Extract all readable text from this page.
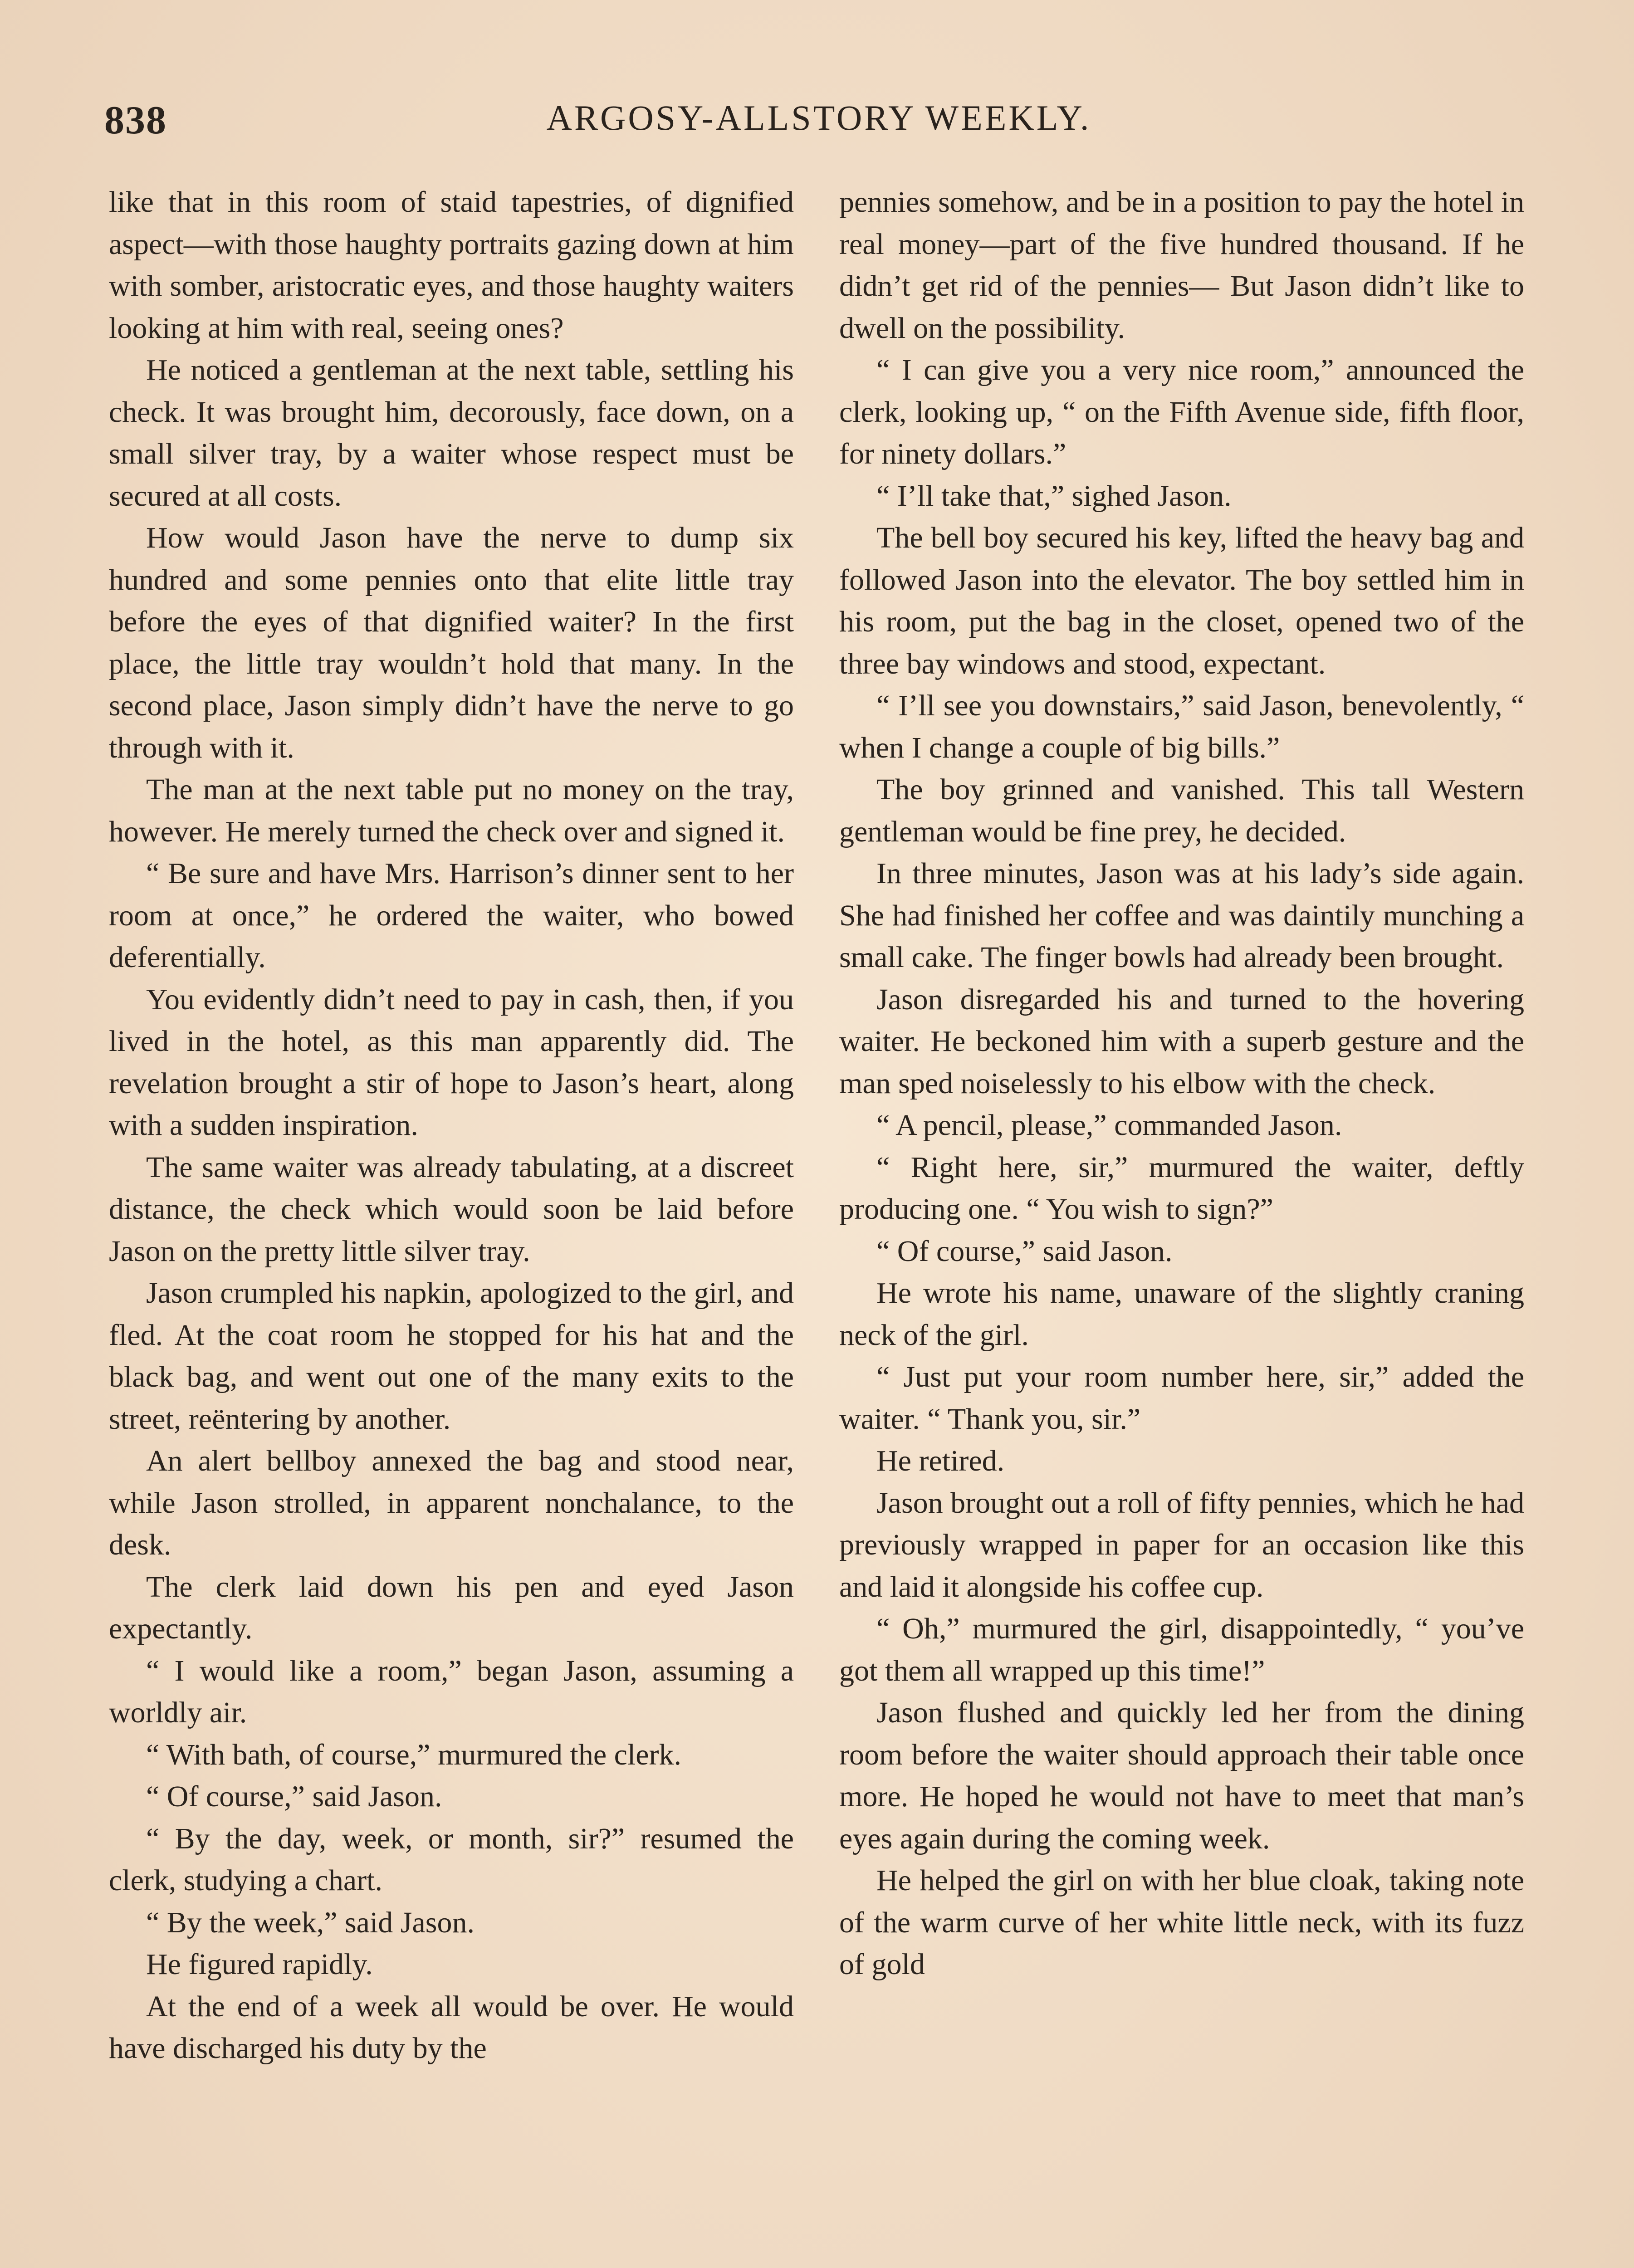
838	ARGOSY-ALLSTORY WEEKLY.

like that in this room of staid tapestries, of dignified aspect—with those haughty portraits gazing down at him with somber, aristocratic eyes, and those haughty waiters looking at him with real, seeing ones?

He noticed a gentleman at the next table, settling his check. It was brought him, decorously, face down, on a small silver tray, by a waiter whose respect must be secured at all costs.

How would Jason have the nerve to dump six hundred and some pennies onto that elite little tray before the eyes of that dignified waiter? In the first place, the little tray wouldn’t hold that many. In the second place, Jason simply didn’t have the nerve to go through with it.

The man at the next table put no money on the tray, however. He merely turned the check over and signed it.

“ Be sure and have Mrs. Harrison’s dinner sent to her room at once,” he ordered the waiter, who bowed deferentially.

You evidently didn’t need to pay in cash, then, if you lived in the hotel, as this man apparently did. The revelation brought a stir of hope to Jason’s heart, along with a sudden inspiration.

The same waiter was already tabulating, at a discreet distance, the check which would soon be laid before Jason on the pretty little silver tray.

Jason crumpled his napkin, apologized to the girl, and fled. At the coat room he stopped for his hat and the black bag, and went out one of the many exits to the street, reëntering by another.

An alert bellboy annexed the bag and stood near, while Jason strolled, in apparent nonchalance, to the desk.

The clerk laid down his pen and eyed Jason expectantly.

“ I would like a room,” began Jason, assuming a worldly air.

“ With bath, of course,” murmured the clerk.

“ Of course,” said Jason.

“ By the day, week, or month, sir?” resumed the clerk, studying a chart.

“ By the week,” said Jason.

He figured rapidly.

At the end of a week all would be over. He would have discharged his duty by the

pennies somehow, and be in a position to pay the hotel in real money—part of the five hundred thousand. If he didn’t get rid of the pennies— But Jason didn’t like to dwell on the possibility.

“ I can give you a very nice room,” announced the clerk, looking up, “ on the Fifth Avenue side, fifth floor, for ninety dollars.”

“ I’ll take that,” sighed Jason.

The bell boy secured his key, lifted the heavy bag and followed Jason into the elevator. The boy settled him in his room, put the bag in the closet, opened two of the three bay windows and stood, expectant.

“ I’ll see you downstairs,” said Jason, benevolently, “ when I change a couple of big bills.”

The boy grinned and vanished. This tall Western gentleman would be fine prey, he decided.

In three minutes, Jason was at his lady’s side again. She had finished her coffee and was daintily munching a small cake. The finger bowls had already been brought.

Jason disregarded his and turned to the hovering waiter. He beckoned him with a superb gesture and the man sped noiselessly to his elbow with the check.

“ A pencil, please,” commanded Jason.

“ Right here, sir,” murmured the waiter, deftly producing one. “ You wish to sign?”

“ Of course,” said Jason.

He wrote his name, unaware of the slightly craning neck of the girl.

“ Just put your room number here, sir,” added the waiter. “ Thank you, sir.”

He retired.

Jason brought out a roll of fifty pennies, which he had previously wrapped in paper for an occasion like this and laid it alongside his coffee cup.

“ Oh,” murmured the girl, disappointedly, “ you’ve got them all wrapped up this time!”

Jason flushed and quickly led her from the dining room before the waiter should approach their table once more. He hoped he would not have to meet that man’s eyes again during the coming week.

He helped the girl on with her blue cloak, taking note of the warm curve of her white little neck, with its fuzz of gold
